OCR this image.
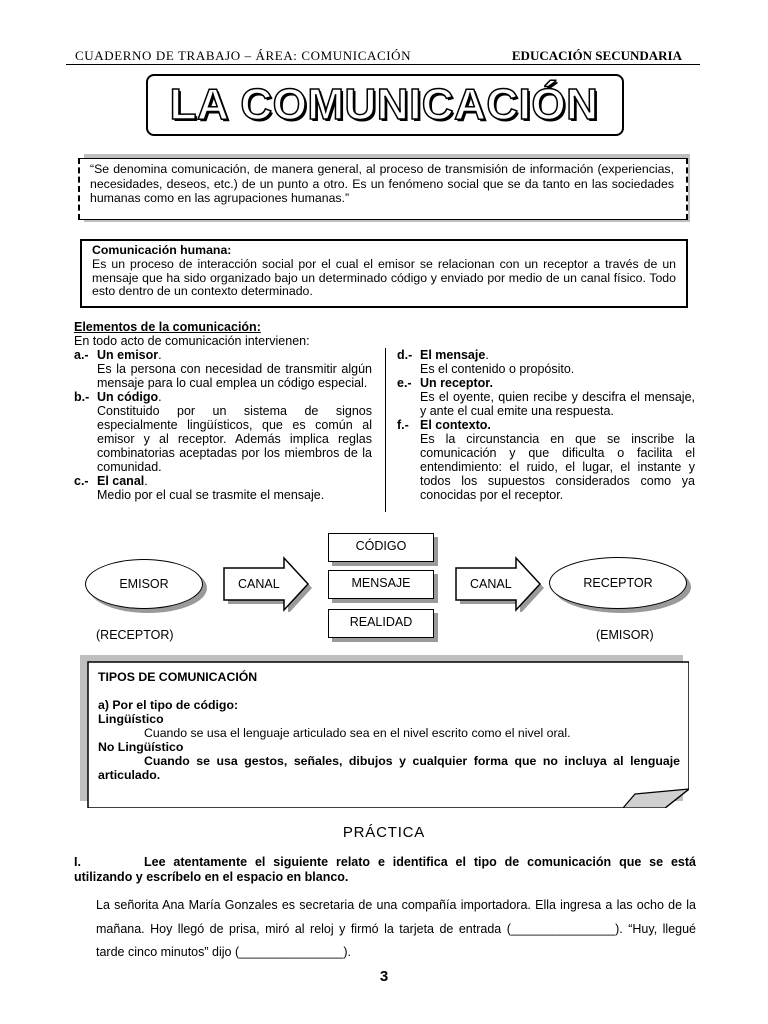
CUADERNO DE TRABAJO – ÁREA: COMUNICACIÓN	EDUCACIÓN SECUNDARIA
LA COMUNICACIÓN
“Se denomina comunicación, de manera general, al proceso de transmisión de información (experiencias, necesidades, deseos, etc.) de un punto a otro. Es un fenómeno social que se da tanto en las sociedades humanas como en las agrupaciones humanas.”
Comunicación humana:
Es un proceso de interacción social por el cual el emisor se relacionan con un receptor a través de un mensaje que ha sido organizado bajo un determinado código y enviado por medio de un canal físico. Todo esto dentro de un contexto determinado.
Elementos de la comunicación:
En todo acto de comunicación intervienen:
a.- Un emisor.
Es la persona con necesidad de transmitir algún mensaje para lo cual emplea un código especial.
b.- Un código.
Constituido por un sistema de signos especialmente lingüísticos, que es común al emisor y al receptor. Además implica reglas combinatorias aceptadas por los miembros de la comunidad.
c.- El canal.
Medio por el cual se trasmite el mensaje.
d.- El mensaje.
Es el contenido o propósito.
e.- Un receptor.
Es el oyente, quien recibe y descifra el mensaje, y ante el cual emite una respuesta.
f.- El contexto.
Es la circunstancia en que se inscribe la comunicación y que dificulta o facilita el entendimiento: el ruido, el lugar, el instante y todos los supuestos considerados como ya conocidas por el receptor.
EMISOR	CANAL
CÓDIGO
MENSAJE
REALIDAD
CANAL	RECEPTOR
(RECEPTOR)	(EMISOR)
TIPOS DE COMUNICACIÓN
a) Por el tipo de código:
Lingüístico
Cuando se usa el lenguaje articulado sea en el nivel escrito como el nivel oral.
No Lingüístico
Cuando se usa gestos, señales, dibujos y cualquier forma que no incluya al lenguaje articulado.
PRÁCTICA
I.	Lee atentamente el siguiente relato e identifica el tipo de comunicación que se está utilizando y escríbelo en el espacio en blanco.
La señorita Ana María Gonzales es secretaria de una compañía importadora. Ella ingresa a las ocho de la mañana. Hoy llegó de prisa, miró al reloj y firmó la tarjeta de entrada (_______________). “Huy, llegué tarde cinco minutos” dijo (_______________).
3
